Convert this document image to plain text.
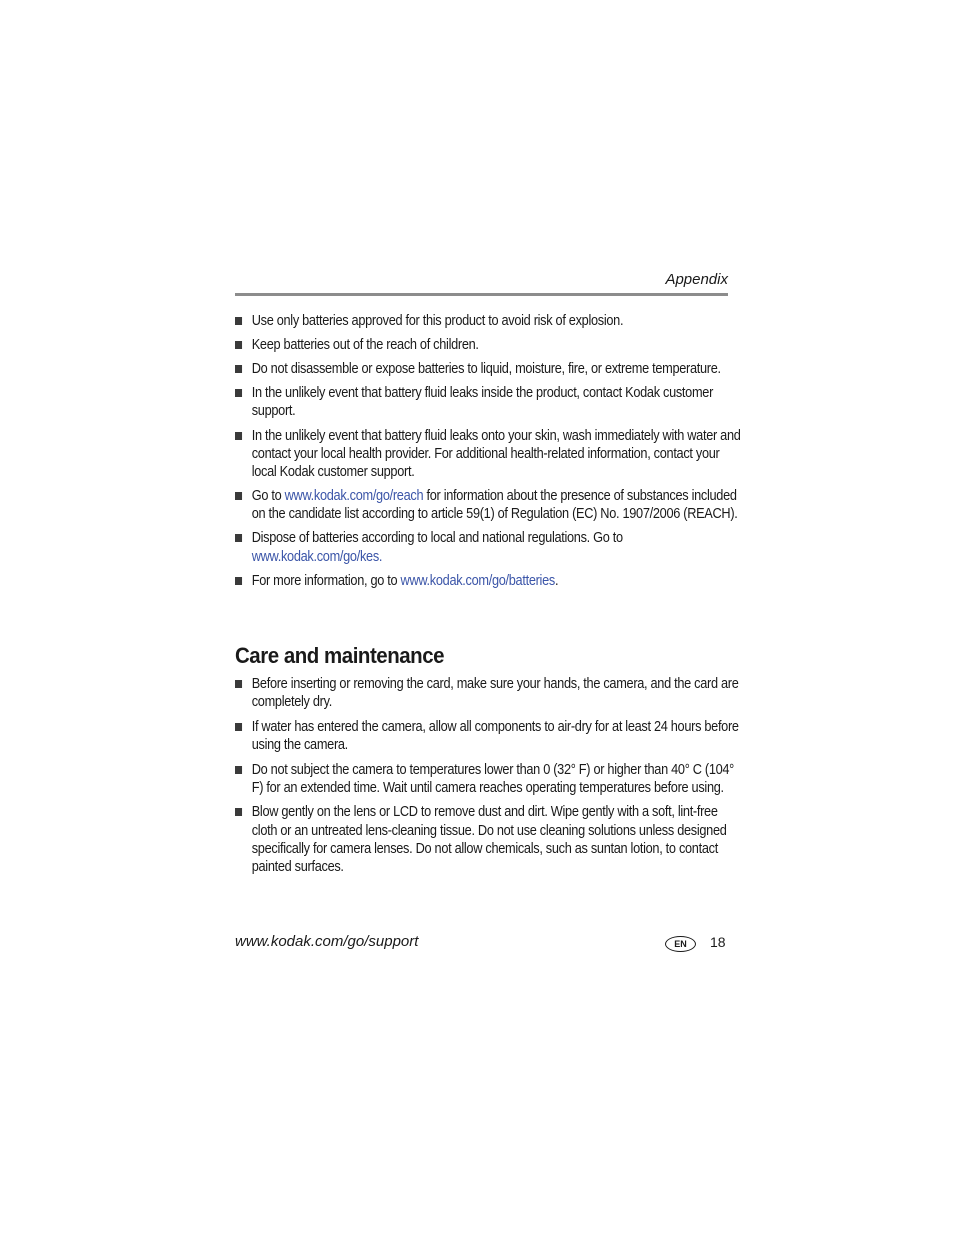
Appendix
Use only batteries approved for this product to avoid risk of explosion.
Keep batteries out of the reach of children.
Do not disassemble or expose batteries to liquid, moisture, fire, or extreme temperature.
In the unlikely event that battery fluid leaks inside the product, contact Kodak customer support.
In the unlikely event that battery fluid leaks onto your skin, wash immediately with water and contact your local health provider. For additional health-related information, contact your local Kodak customer support.
Go to www.kodak.com/go/reach for information about the presence of substances included on the candidate list according to article 59(1) of Regulation (EC) No. 1907/2006 (REACH).
Dispose of batteries according to local and national regulations. Go to www.kodak.com/go/kes.
For more information, go to www.kodak.com/go/batteries.
Care and maintenance
Before inserting or removing the card, make sure your hands, the camera, and the card are completely dry.
If water has entered the camera, allow all components to air-dry for at least 24 hours before using the camera.
Do not subject the camera to temperatures lower than 0 (32° F) or higher than 40° C (104° F) for an extended time. Wait until camera reaches operating temperatures before using.
Blow gently on the lens or LCD to remove dust and dirt. Wipe gently with a soft, lint-free cloth or an untreated lens-cleaning tissue. Do not use cleaning solutions unless designed specifically for camera lenses. Do not allow chemicals, such as suntan lotion, to contact painted surfaces.
www.kodak.com/go/support	EN	18
